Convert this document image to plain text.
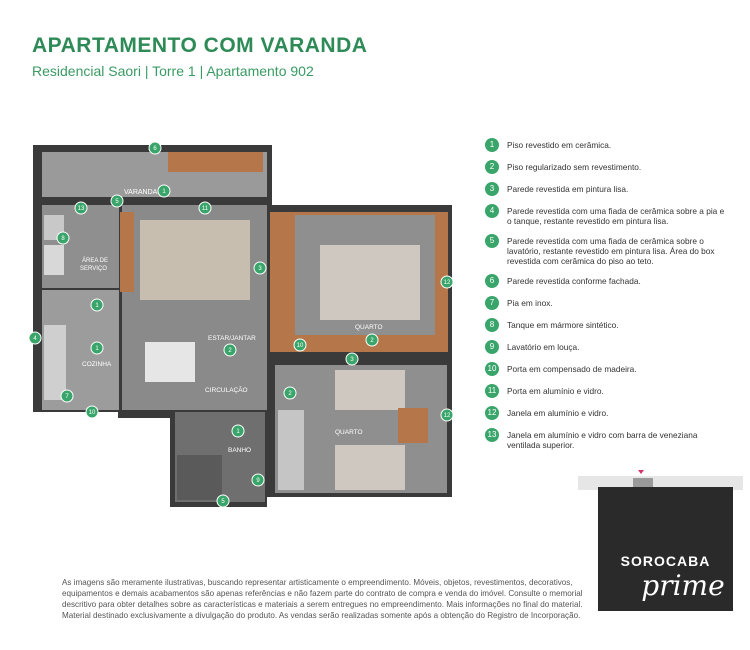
APARTAMENTO COM VARANDA

Residencial Saori | Torre 1 | Apartamento 902

VARANDA
ÁREA DE
SERVIÇO
COZINHA
ESTAR/JANTAR
CIRCULAÇÃO
BANHO
QUARTO
QUARTO
6
1
13
5
11
8
1
3
2
4
1
7
10
2
10
3
12
2
1
12
9
5
1	Piso revestido em cerâmica.
2	Piso regularizado sem revestimento.
3	Parede revestida em pintura lisa.
4	Parede revestida com uma fiada de cerâmica sobre a pia e o tanque, restante revestido em pintura lisa.
5	Parede revestida com uma fiada de cerâmica sobre o lavatório, restante revestido em pintura lisa. Área do box revestida com cerâmica do piso ao teto.
6	Parede revestida conforme fachada.
7	Pia em inox.
8	Tanque em mármore sintético.
9	Lavatório em louça.
10	Porta em compensado de madeira.
11	Porta em alumínio e vidro.
12	Janela em alumínio e vidro.
13	Janela em alumínio e vidro com barra de veneziana ventilada superior.
SOROCABA
prime
imóveis

As imagens são meramente ilustrativas, buscando representar artisticamente o empreendimento. Móveis, objetos, revestimentos, decorativos, equipamentos e demais acabamentos são apenas referências e não fazem parte do contrato de compra e venda do imóvel. Consulte o memorial descritivo para obter detalhes sobre as características e materiais a serem entregues no empreendimento. Mais informações no final do material. Material destinado exclusivamente a divulgação do produto. As vendas serão realizadas somente após a obtenção do Registro de Incorporação.
